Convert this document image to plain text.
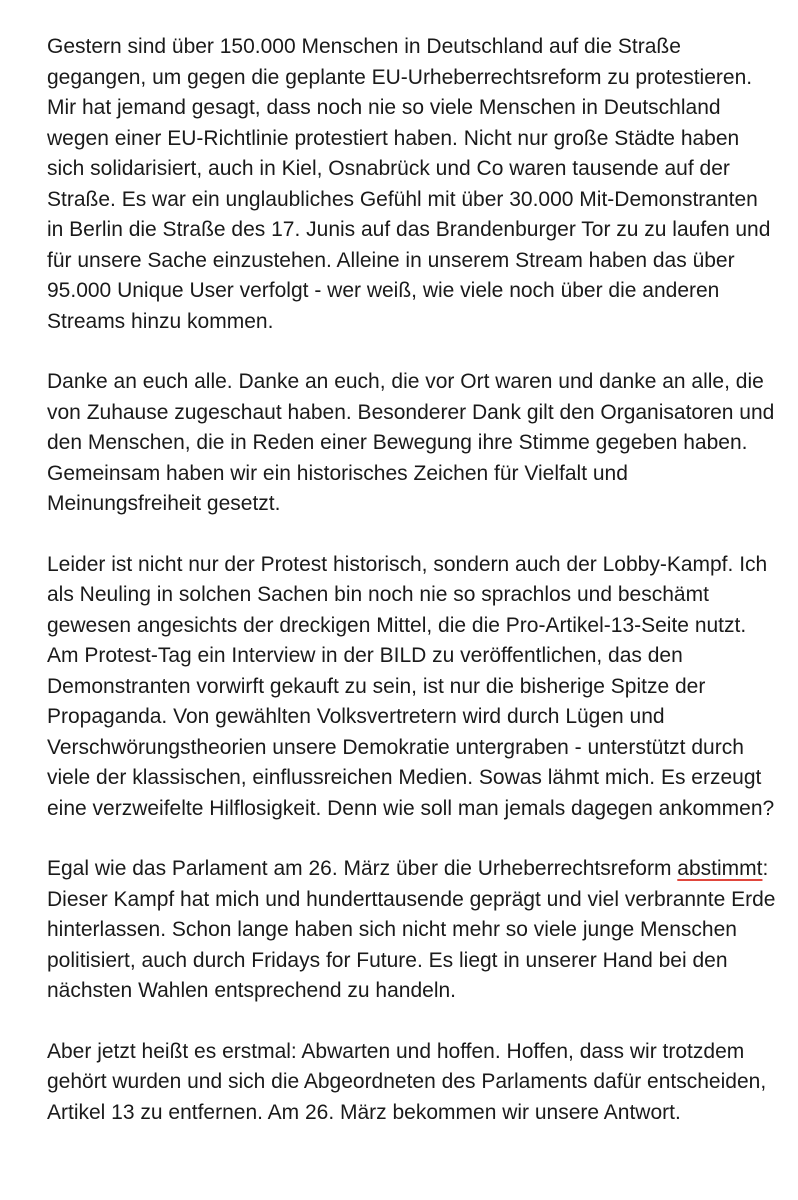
Gestern sind über 150.000 Menschen in Deutschland auf die Straße gegangen, um gegen die geplante EU-Urheberrechtsreform zu protestieren. Mir hat jemand gesagt, dass noch nie so viele Menschen in Deutschland wegen einer EU-Richtlinie protestiert haben. Nicht nur große Städte haben sich solidarisiert, auch in Kiel, Osnabrück und Co waren tausende auf der Straße. Es war ein unglaubliches Gefühl mit über 30.000 Mit-Demonstranten in Berlin die Straße des 17. Junis auf das Brandenburger Tor zu zu laufen und für unsere Sache einzustehen. Alleine in unserem Stream haben das über 95.000 Unique User verfolgt - wer weiß, wie viele noch über die anderen Streams hinzu kommen.

Danke an euch alle. Danke an euch, die vor Ort waren und danke an alle, die von Zuhause zugeschaut haben. Besonderer Dank gilt den Organisatoren und den Menschen, die in Reden einer Bewegung ihre Stimme gegeben haben. Gemeinsam haben wir ein historisches Zeichen für Vielfalt und Meinungsfreiheit gesetzt.

Leider ist nicht nur der Protest historisch, sondern auch der Lobby-Kampf. Ich als Neuling in solchen Sachen bin noch nie so sprachlos und beschämt gewesen angesichts der dreckigen Mittel, die die Pro-Artikel-13-Seite nutzt. Am Protest-Tag ein Interview in der BILD zu veröffentlichen, das den Demonstranten vorwirft gekauft zu sein, ist nur die bisherige Spitze der Propaganda. Von gewählten Volksvertretern wird durch Lügen und Verschwörungstheorien unsere Demokratie untergraben - unterstützt durch viele der klassischen, einflussreichen Medien. Sowas lähmt mich. Es erzeugt eine verzweifelte Hilflosigkeit. Denn wie soll man jemals dagegen ankommen?

Egal wie das Parlament am 26. März über die Urheberrechtsreform abstimmt: Dieser Kampf hat mich und hunderttausende geprägt und viel verbrannte Erde hinterlassen. Schon lange haben sich nicht mehr so viele junge Menschen politisiert, auch durch Fridays for Future. Es liegt in unserer Hand bei den nächsten Wahlen entsprechend zu handeln.

Aber jetzt heißt es erstmal: Abwarten und hoffen. Hoffen, dass wir trotzdem gehört wurden und sich die Abgeordneten des Parlaments dafür entscheiden, Artikel 13 zu entfernen. Am 26. März bekommen wir unsere Antwort.
